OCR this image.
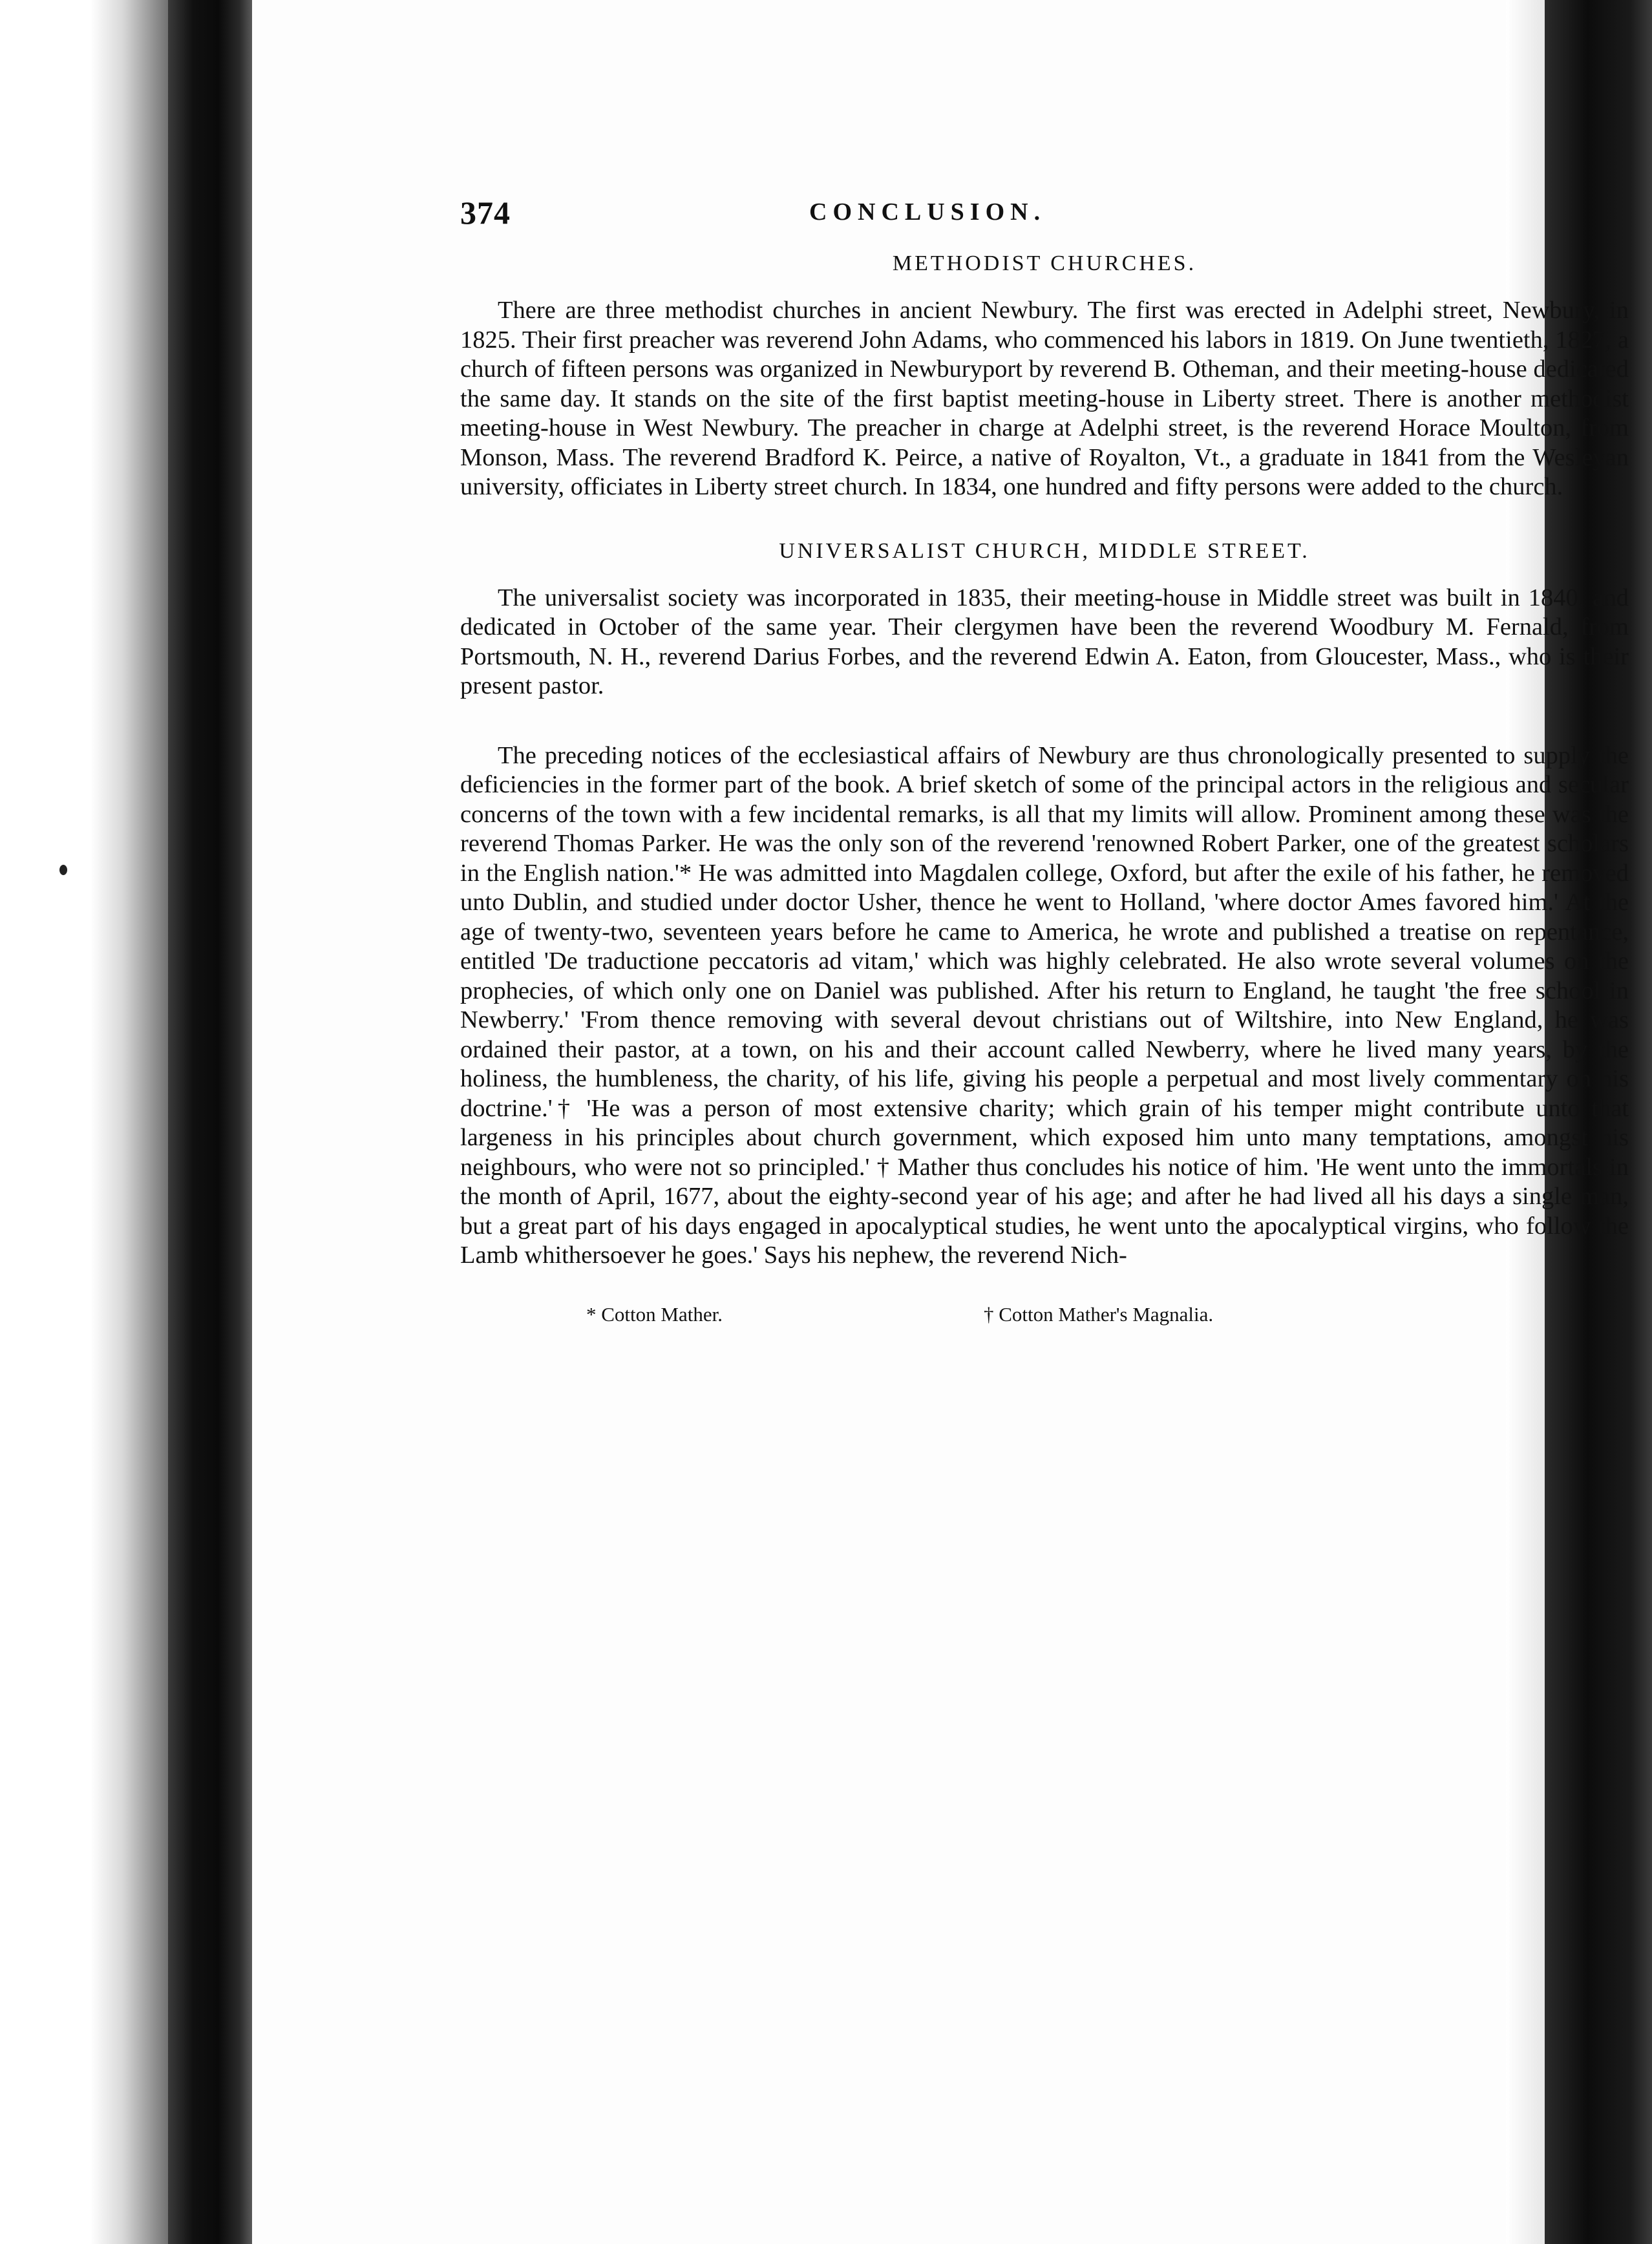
374	CONCLUSION.
METHODIST CHURCHES.

There are three methodist churches in ancient Newbury. The first was erected in Adelphi street, Newbury, in 1825. Their first preacher was reverend John Adams, who commenced his labors in 1819. On June twentieth, 1827, a church of fifteen persons was organized in Newburyport by reverend B. Otheman, and their meeting-house dedicated the same day. It stands on the site of the first baptist meeting-house in Liberty street. There is another methodist meeting-house in West Newbury. The preacher in charge at Adelphi street, is the reverend Horace Moulton, from Monson, Mass. The reverend Bradford K. Peirce, a native of Royalton, Vt., a graduate in 1841 from the Wesleyan university, officiates in Liberty street church. In 1834, one hundred and fifty persons were added to the church.

UNIVERSALIST CHURCH, MIDDLE STREET.

The universalist society was incorporated in 1835, their meeting-house in Middle street was built in 1840, and dedicated in October of the same year. Their clergymen have been the reverend Woodbury M. Fernald, from Portsmouth, N. H., reverend Darius Forbes, and the reverend Edwin A. Eaton, from Gloucester, Mass., who is their present pastor.

The preceding notices of the ecclesiastical affairs of Newbury are thus chronologically presented to supply the deficiencies in the former part of the book. A brief sketch of some of the principal actors in the religious and secular concerns of the town with a few incidental remarks, is all that my limits will allow. Prominent among these was the reverend Thomas Parker. He was the only son of the reverend 'renowned Robert Parker, one of the greatest scholars in the English nation.'* He was admitted into Magdalen college, Oxford, but after the exile of his father, he removed unto Dublin, and studied under doctor Usher, thence he went to Holland, 'where doctor Ames favored him.' At the age of twenty-two, seventeen years before he came to America, he wrote and published a treatise on repentance, entitled 'De traductione peccatoris ad vitam,' which was highly celebrated. He also wrote several volumes on the prophecies, of which only one on Daniel was published. After his return to England, he taught 'the free school in Newberry.' 'From thence removing with several devout christians out of Wiltshire, into New England, he was ordained their pastor, at a town, on his and their account called Newberry, where he lived many years, by the holiness, the humbleness, the charity, of his life, giving his people a perpetual and most lively commentary on his doctrine.'† 'He was a person of most extensive charity; which grain of his temper might contribute unto that largeness in his principles about church government, which exposed him unto many temptations, amongst his neighbours, who were not so principled.' † Mather thus concludes his notice of him. 'He went unto the immortals in the month of April, 1677, about the eighty-second year of his age; and after he had lived all his days a single man, but a great part of his days engaged in apocalyptical studies, he went unto the apocalyptical virgins, who follow the Lamb whithersoever he goes.' Says his nephew, the reverend Nich-

* Cotton Mather.	† Cotton Mather's Magnalia.
